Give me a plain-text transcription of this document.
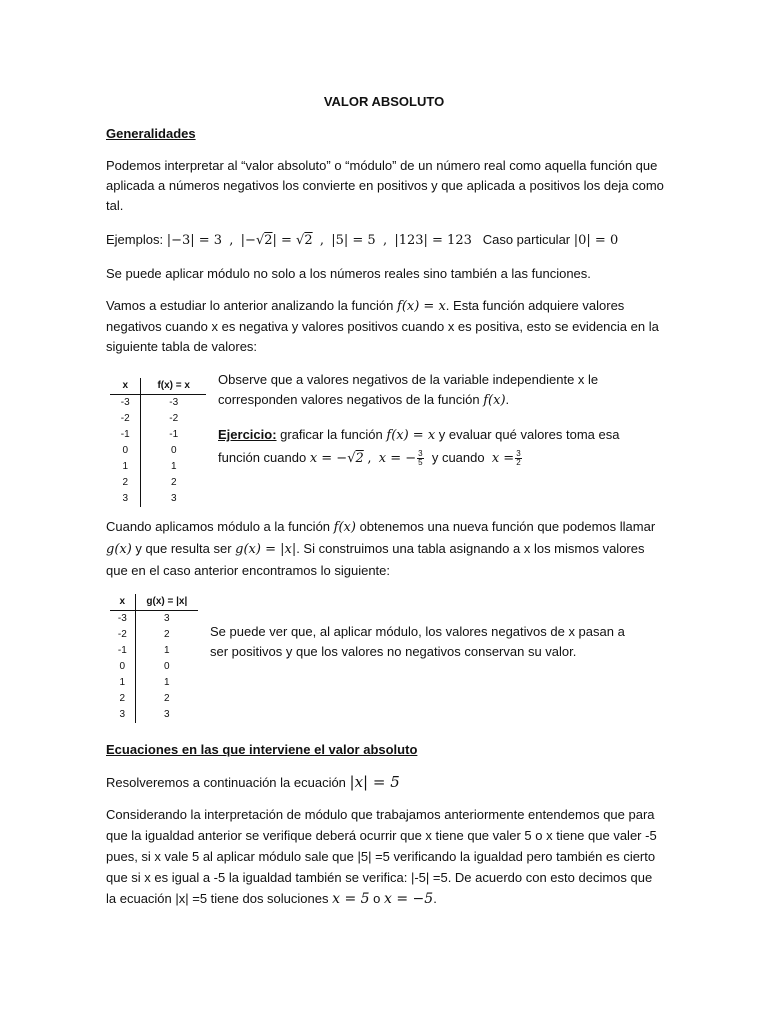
VALOR ABSOLUTO
Generalidades
Podemos interpretar al “valor absoluto” o “módulo” de un número real como aquella función que aplicada a números negativos los convierte en positivos y que aplicada a positivos los deja como tal.
Ejemplos: |−3| = 3 , |−√2| = √2 , |5| = 5 , |123| = 123 Caso particular |0| = 0
Se puede aplicar módulo no solo a los números reales sino también a las funciones.
Vamos a estudiar lo anterior analizando la función f(x) = x. Esta función adquiere valores negativos cuando x es negativa y valores positivos cuando x es positiva, esto se evidencia en la siguiente tabla de valores:
x	f(x) = x
-3	-3
-2	-2
-1	-1
0	0
1	1
2	2
3	3
Observe que a valores negativos de la variable independiente x le corresponden valores negativos de la función f(x).
Ejercicio: graficar la función f(x) = x y evaluar qué valores toma esa función cuando x = −√2 , x = − $\frac{3}{5}$ y cuando $x = \frac{3}{2}$
Cuando aplicamos módulo a la función f(x) obtenemos una nueva función que podemos llamar g(x) y que resulta ser g(x) = |x|. Si construimos una tabla asignando a x los mismos valores que en el caso anterior encontramos lo siguiente:
x	g(x) = |x|
-3	3
-2	2
-1	1
0	0
1	1
2	2
3	3
Se puede ver que, al aplicar módulo, los valores negativos de x pasan a ser positivos y que los valores no negativos conservan su valor.
Ecuaciones en las que interviene el valor absoluto
Resolveremos a continuación la ecuación |x| = 5
Considerando la interpretación de módulo que trabajamos anteriormente entendemos que para que la igualdad anterior se verifique deberá ocurrir que x tiene que valer 5 o x tiene que valer -5 pues, si x vale 5 al aplicar módulo sale que |5| =5 verificando la igualdad pero también es cierto que si x es igual a -5 la igualdad también se verifica: |-5| =5. De acuerdo con esto decimos que la ecuación |x| =5 tiene dos soluciones x = 5 o x = −5.
